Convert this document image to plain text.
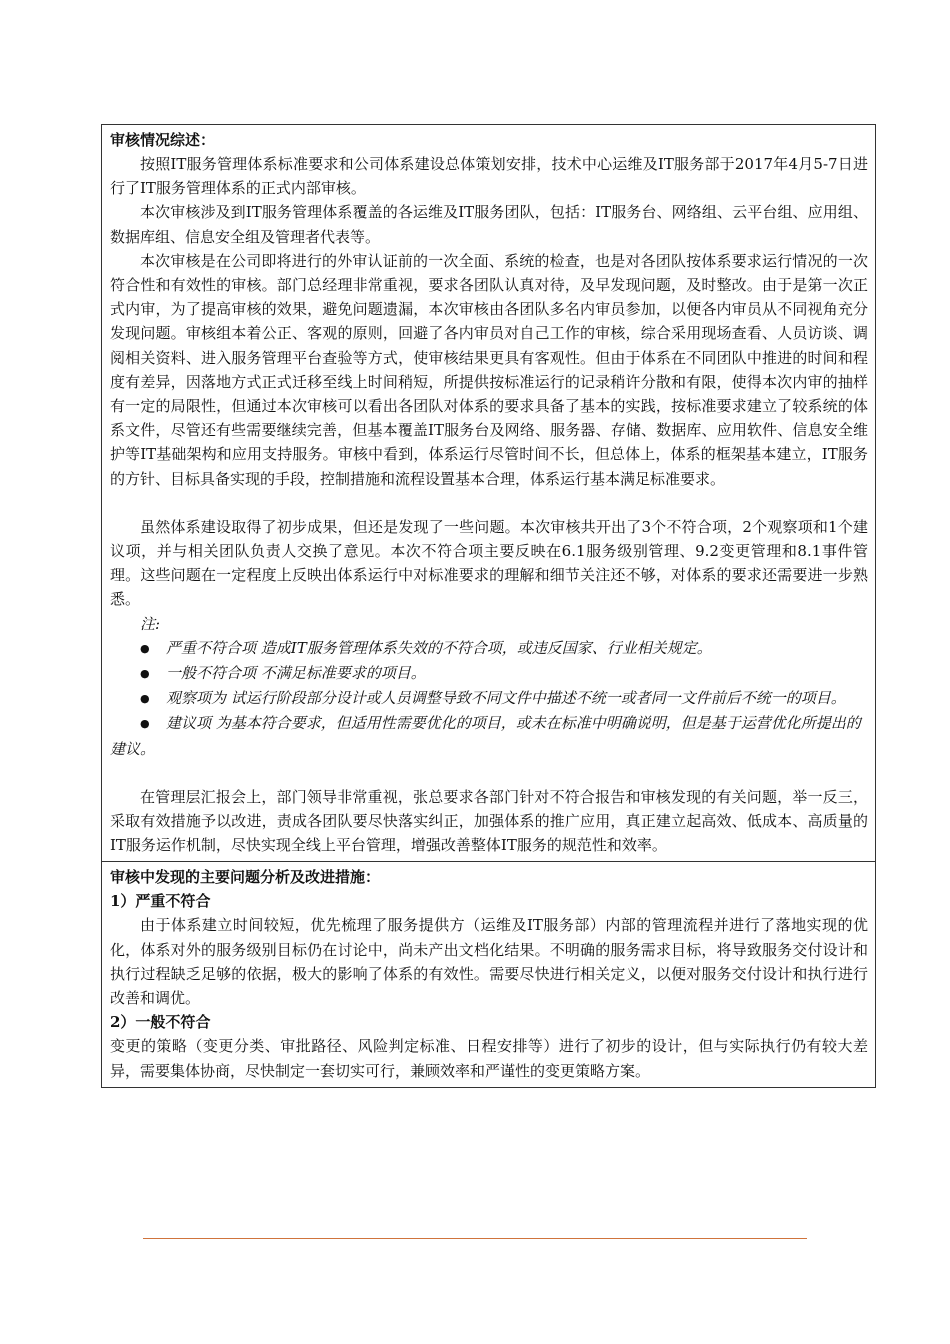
审核情况综述：

按照IT服务管理体系标准要求和公司体系建设总体策划安排，技术中心运维及IT服务部于2017年4月5-7日进行了IT服务管理体系的正式内部审核。

本次审核涉及到IT服务管理体系覆盖的各运维及IT服务团队，包括：IT服务台、网络组、云平台组、应用组、数据库组、信息安全组及管理者代表等。

本次审核是在公司即将进行的外审认证前的一次全面、系统的检查，也是对各团队按体系要求运行情况的一次符合性和有效性的审核。部门总经理非常重视，要求各团队认真对待，及早发现问题，及时整改。由于是第一次正式内审，为了提高审核的效果，避免问题遗漏，本次审核由各团队多名内审员参加，以便各内审员从不同视角充分发现问题。审核组本着公正、客观的原则，回避了各内审员对自己工作的审核，综合采用现场查看、人员访谈、调阅相关资料、进入服务管理平台查验等方式，使审核结果更具有客观性。但由于体系在不同团队中推进的时间和程度有差异，因落地方式正式迁移至线上时间稍短，所提供按标准运行的记录稍许分散和有限，使得本次内审的抽样有一定的局限性，但通过本次审核可以看出各团队对体系的要求具备了基本的实践，按标准要求建立了较系统的体系文件，尽管还有些需要继续完善，但基本覆盖IT服务台及网络、服务器、存储、数据库、应用软件、信息安全维护等IT基础架构和应用支持服务。审核中看到，体系运行尽管时间不长，但总体上，体系的框架基本建立，IT服务的方针、目标具备实现的手段，控制措施和流程设置基本合理，体系运行基本满足标准要求。

虽然体系建设取得了初步成果，但还是发现了一些问题。本次审核共开出了3个不符合项，2个观察项和1个建议项，并与相关团队负责人交换了意见。本次不符合项主要反映在6.1服务级别管理、9.2变更管理和8.1事件管理。这些问题在一定程度上反映出体系运行中对标准要求的理解和细节关注还不够，对体系的要求还需要进一步熟悉。

注:

● 严重不符合项 造成IT服务管理体系失效的不符合项，或违反国家、行业相关规定。

● 一般不符合项 不满足标准要求的项目。

● 观察项为 试运行阶段部分设计或人员调整导致不同文件中描述不统一或者同一文件前后不统一的项目。

● 建议项 为基本符合要求，但适用性需要优化的项目，或未在标准中明确说明，但是基于运营优化所提出的建议。

在管理层汇报会上，部门领导非常重视，张总要求各部门针对不符合报告和审核发现的有关问题，举一反三，采取有效措施予以改进，责成各团队要尽快落实纠正，加强体系的推广应用，真正建立起高效、低成本、高质量的IT服务运作机制，尽快实现全线上平台管理，增强改善整体IT服务的规范性和效率。

审核中发现的主要问题分析及改进措施：
1）严重不符合

由于体系建立时间较短，优先梳理了服务提供方（运维及IT服务部）内部的管理流程并进行了落地实现的优化，体系对外的服务级别目标仍在讨论中，尚未产出文档化结果。不明确的服务需求目标，将导致服务交付设计和执行过程缺乏足够的依据，极大的影响了体系的有效性。需要尽快进行相关定义，以便对服务交付设计和执行进行改善和调优。

2）一般不符合

变更的策略（变更分类、审批路径、风险判定标准、日程安排等）进行了初步的设计，但与实际执行仍有较大差异，需要集体协商，尽快制定一套切实可行，兼顾效率和严谨性的变更策略方案。
